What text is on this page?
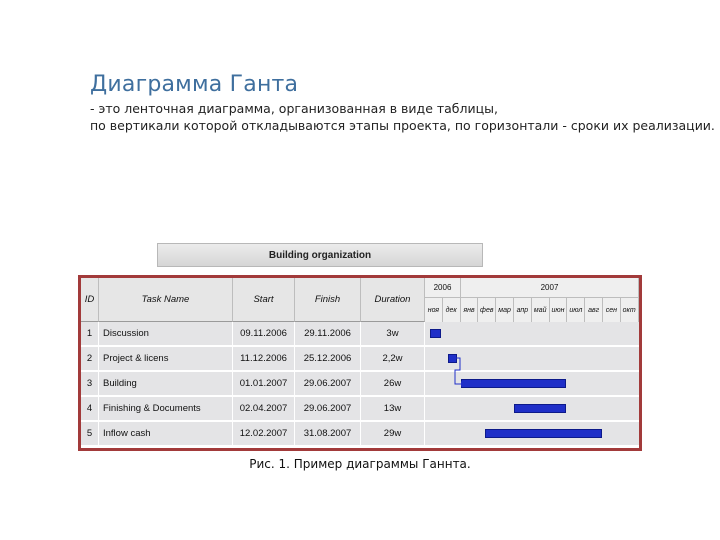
Диаграмма Ганта
- это ленточная диаграмма, организованная в виде таблицы,
по вертикали которой откладываются этапы проекта, по горизонтали - сроки их реализации.
Building organization
ID	Task Name	Start	Finish	Duration
2006	2007
ноя дек янв фев мар апр май июн июл авг сен окт
1	Discussion	09.11.2006	29.11.2006	3w
2	Project & licens	11.12.2006	25.12.2006	2,2w
3	Building	01.01.2007	29.06.2007	26w
4	Finishing & Documents	02.04.2007	29.06.2007	13w
5	Inflow cash	12.02.2007	31.08.2007	29w
Рис. 1. Пример диаграммы Ганнта.
